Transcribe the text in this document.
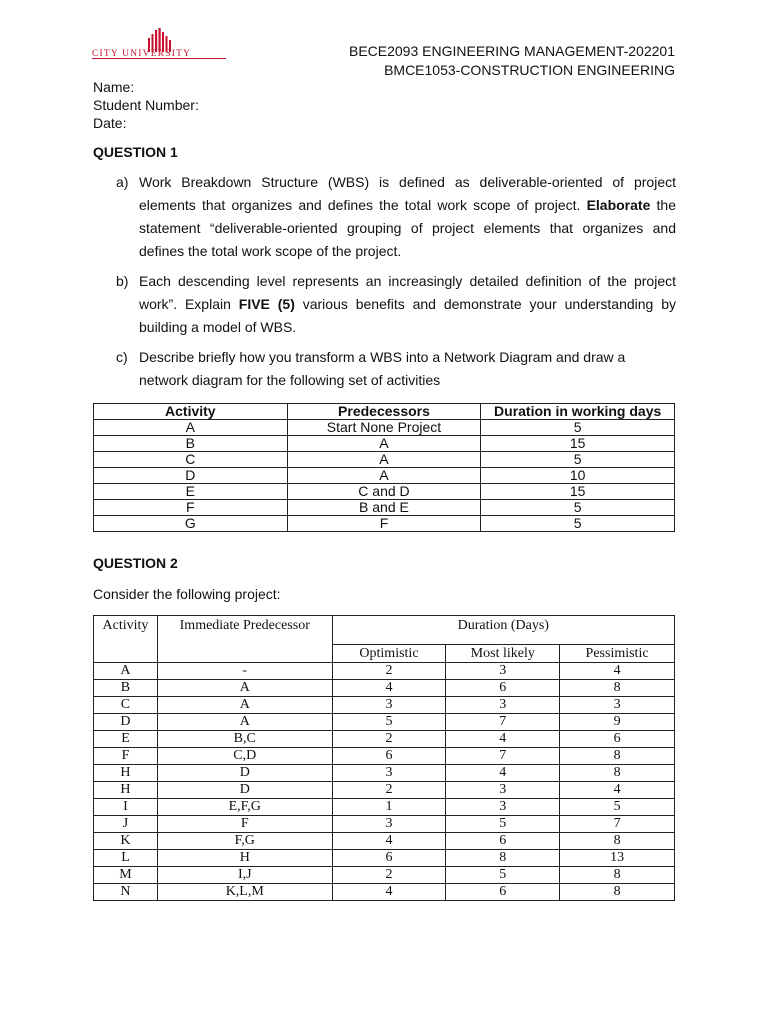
CITY UNIVERSITY	BECE2093 ENGINEERING MANAGEMENT-202201
BMCE1053-CONSTRUCTION ENGINEERING
Name:
Student Number:
Date:
QUESTION 1
a) Work Breakdown Structure (WBS) is defined as deliverable-oriented of project elements that organizes and defines the total work scope of project. Elaborate the statement “deliverable-oriented grouping of project elements that organizes and defines the total work scope of the project.
b) Each descending level represents an increasingly detailed definition of the project work”. Explain FIVE (5) various benefits and demonstrate your understanding by building a model of WBS.
c) Describe briefly how you transform a WBS into a Network Diagram and draw a network diagram for the following set of activities
Activity	Predecessors	Duration in working days
A	Start None Project	5
B	A	15
C	A	5
D	A	10
E	C and D	15
F	B and E	5
G	F	5
QUESTION 2
Consider the following project:
Activity	Immediate Predecessor	Duration (Days)		
		Optimistic	Most likely	Pessimistic
A	-	2	3	4
B	A	4	6	8
C	A	3	3	3
D	A	5	7	9
E	B,C	2	4	6
F	C,D	6	7	8
H	D	3	4	8
H	D	2	3	4
I	E,F,G	1	3	5
J	F	3	5	7
K	F,G	4	6	8
L	H	6	8	13
M	I,J	2	5	8
N	K,L,M	4	6	8
